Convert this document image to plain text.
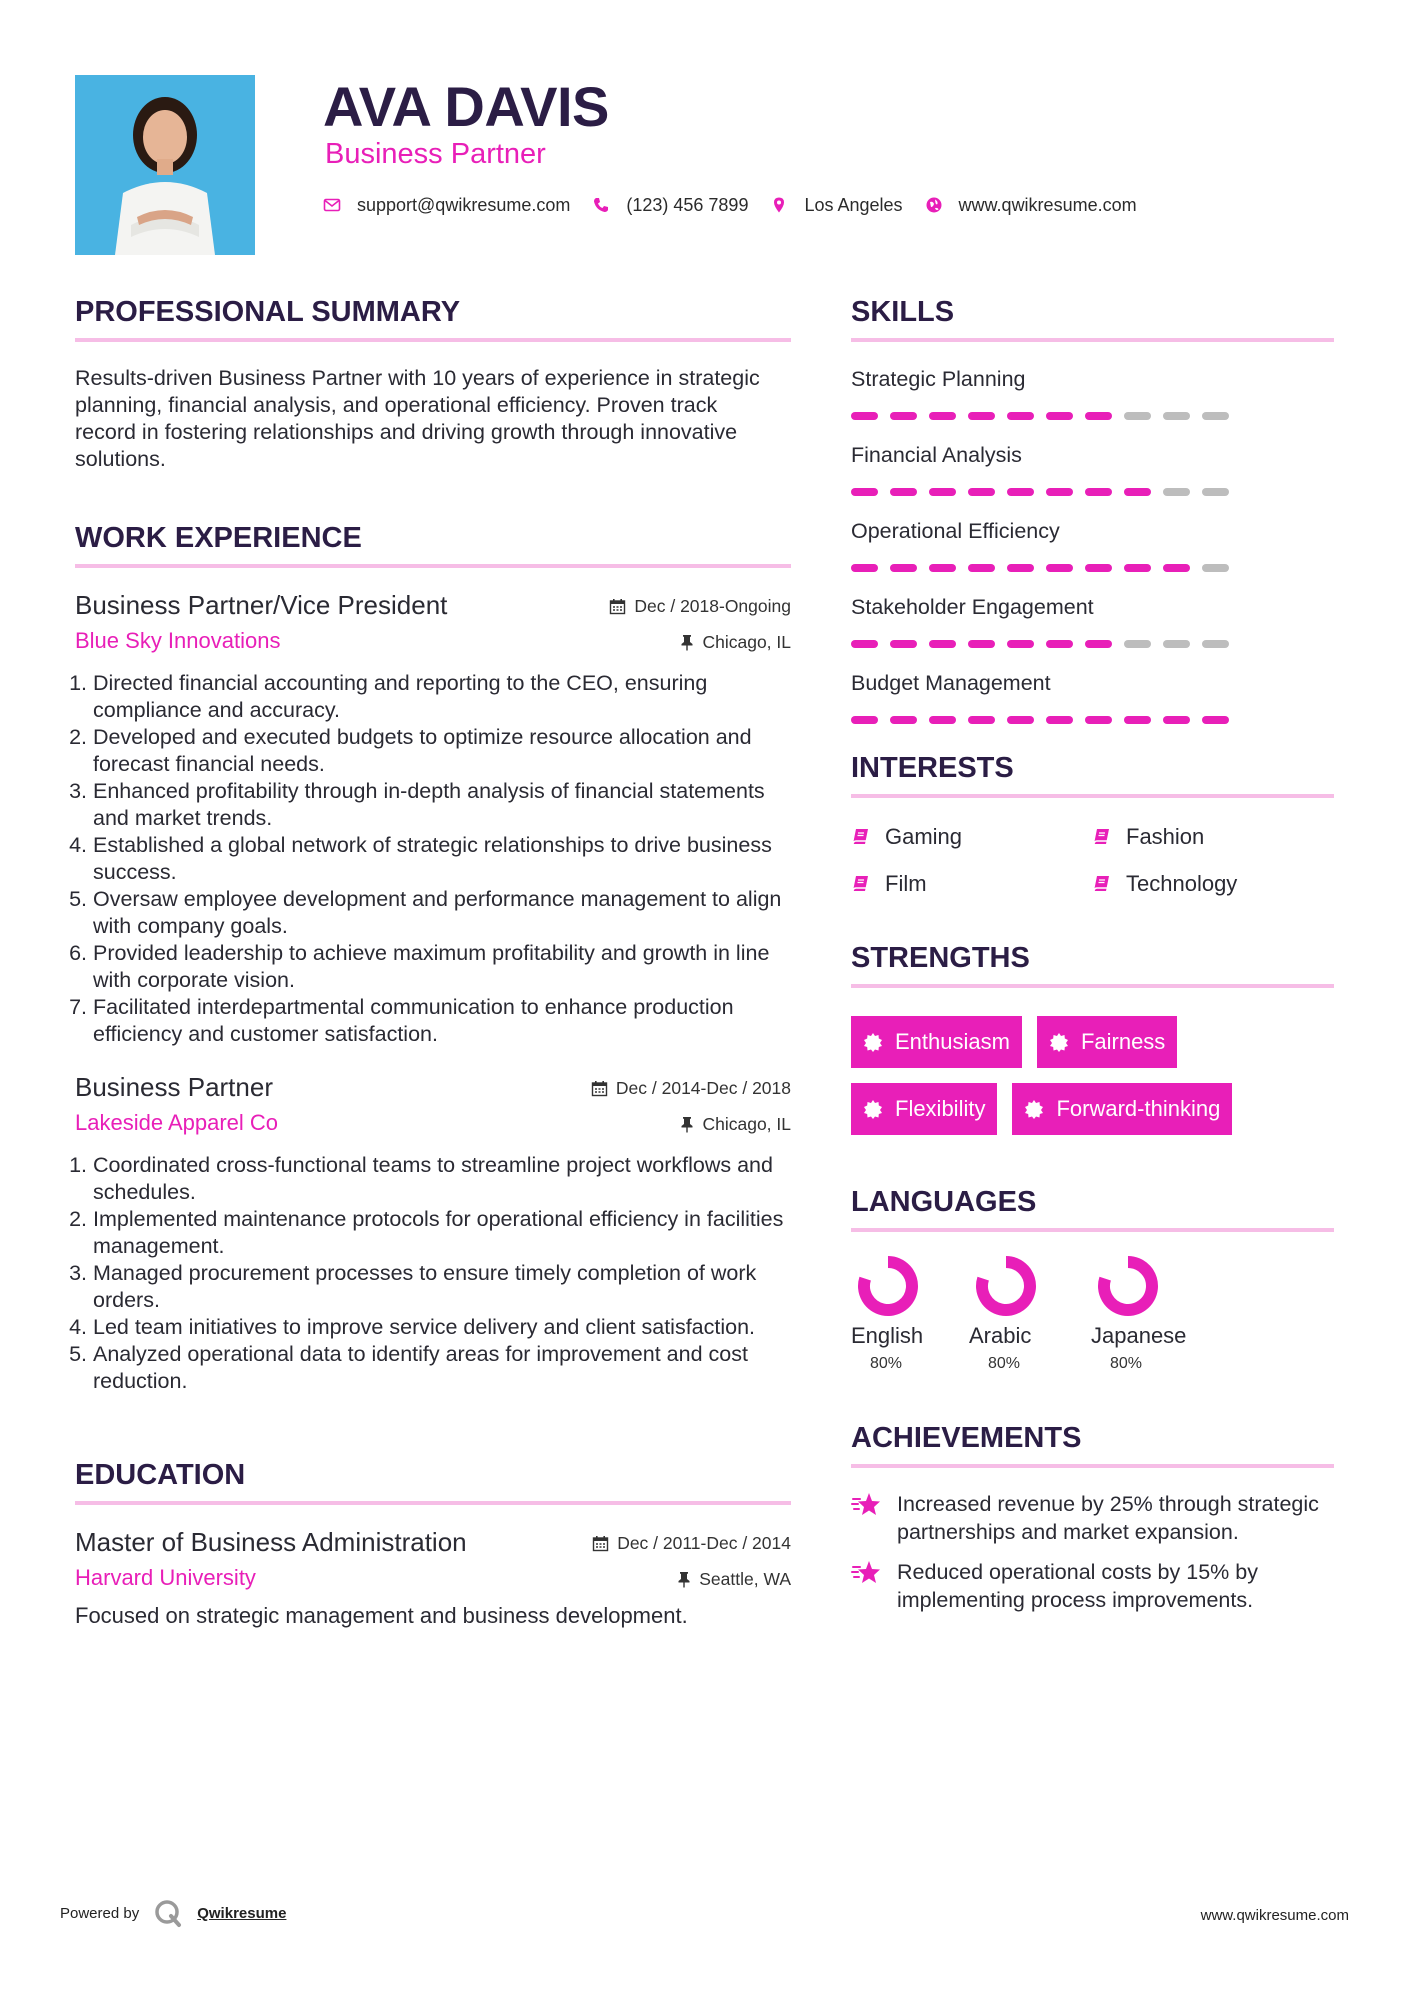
AVA DAVIS
Business Partner
support@qwikresume.com	(123) 456 7899	Los Angeles	www.qwikresume.com
PROFESSIONAL SUMMARY
Results-driven Business Partner with 10 years of experience in strategic planning, financial analysis, and operational efficiency. Proven track record in fostering relationships and driving growth through innovative solutions.
WORK EXPERIENCE
Business Partner/Vice President	Dec / 2018-Ongoing
Blue Sky Innovations	Chicago, IL
1. Directed financial accounting and reporting to the CEO, ensuring compliance and accuracy.
2. Developed and executed budgets to optimize resource allocation and forecast financial needs.
3. Enhanced profitability through in-depth analysis of financial statements and market trends.
4. Established a global network of strategic relationships to drive business success.
5. Oversaw employee development and performance management to align with company goals.
6. Provided leadership to achieve maximum profitability and growth in line with corporate vision.
7. Facilitated interdepartmental communication to enhance production efficiency and customer satisfaction.
Business Partner	Dec / 2014-Dec / 2018
Lakeside Apparel Co	Chicago, IL
1. Coordinated cross-functional teams to streamline project workflows and schedules.
2. Implemented maintenance protocols for operational efficiency in facilities management.
3. Managed procurement processes to ensure timely completion of work orders.
4. Led team initiatives to improve service delivery and client satisfaction.
5. Analyzed operational data to identify areas for improvement and cost reduction.
EDUCATION
Master of Business Administration	Dec / 2011-Dec / 2014
Harvard University	Seattle, WA
Focused on strategic management and business development.
SKILLS
Strategic Planning
Financial Analysis
Operational Efficiency
Stakeholder Engagement
Budget Management
INTERESTS
Gaming	Fashion
Film	Technology
STRENGTHS
Enthusiasm	Fairness
Flexibility	Forward-thinking
LANGUAGES
English
80%
Arabic
80%
Japanese
80%
ACHIEVEMENTS
Increased revenue by 25% through strategic partnerships and market expansion.
Reduced operational costs by 15% by implementing process improvements.
Powered by	Qwikresume	www.qwikresume.com
